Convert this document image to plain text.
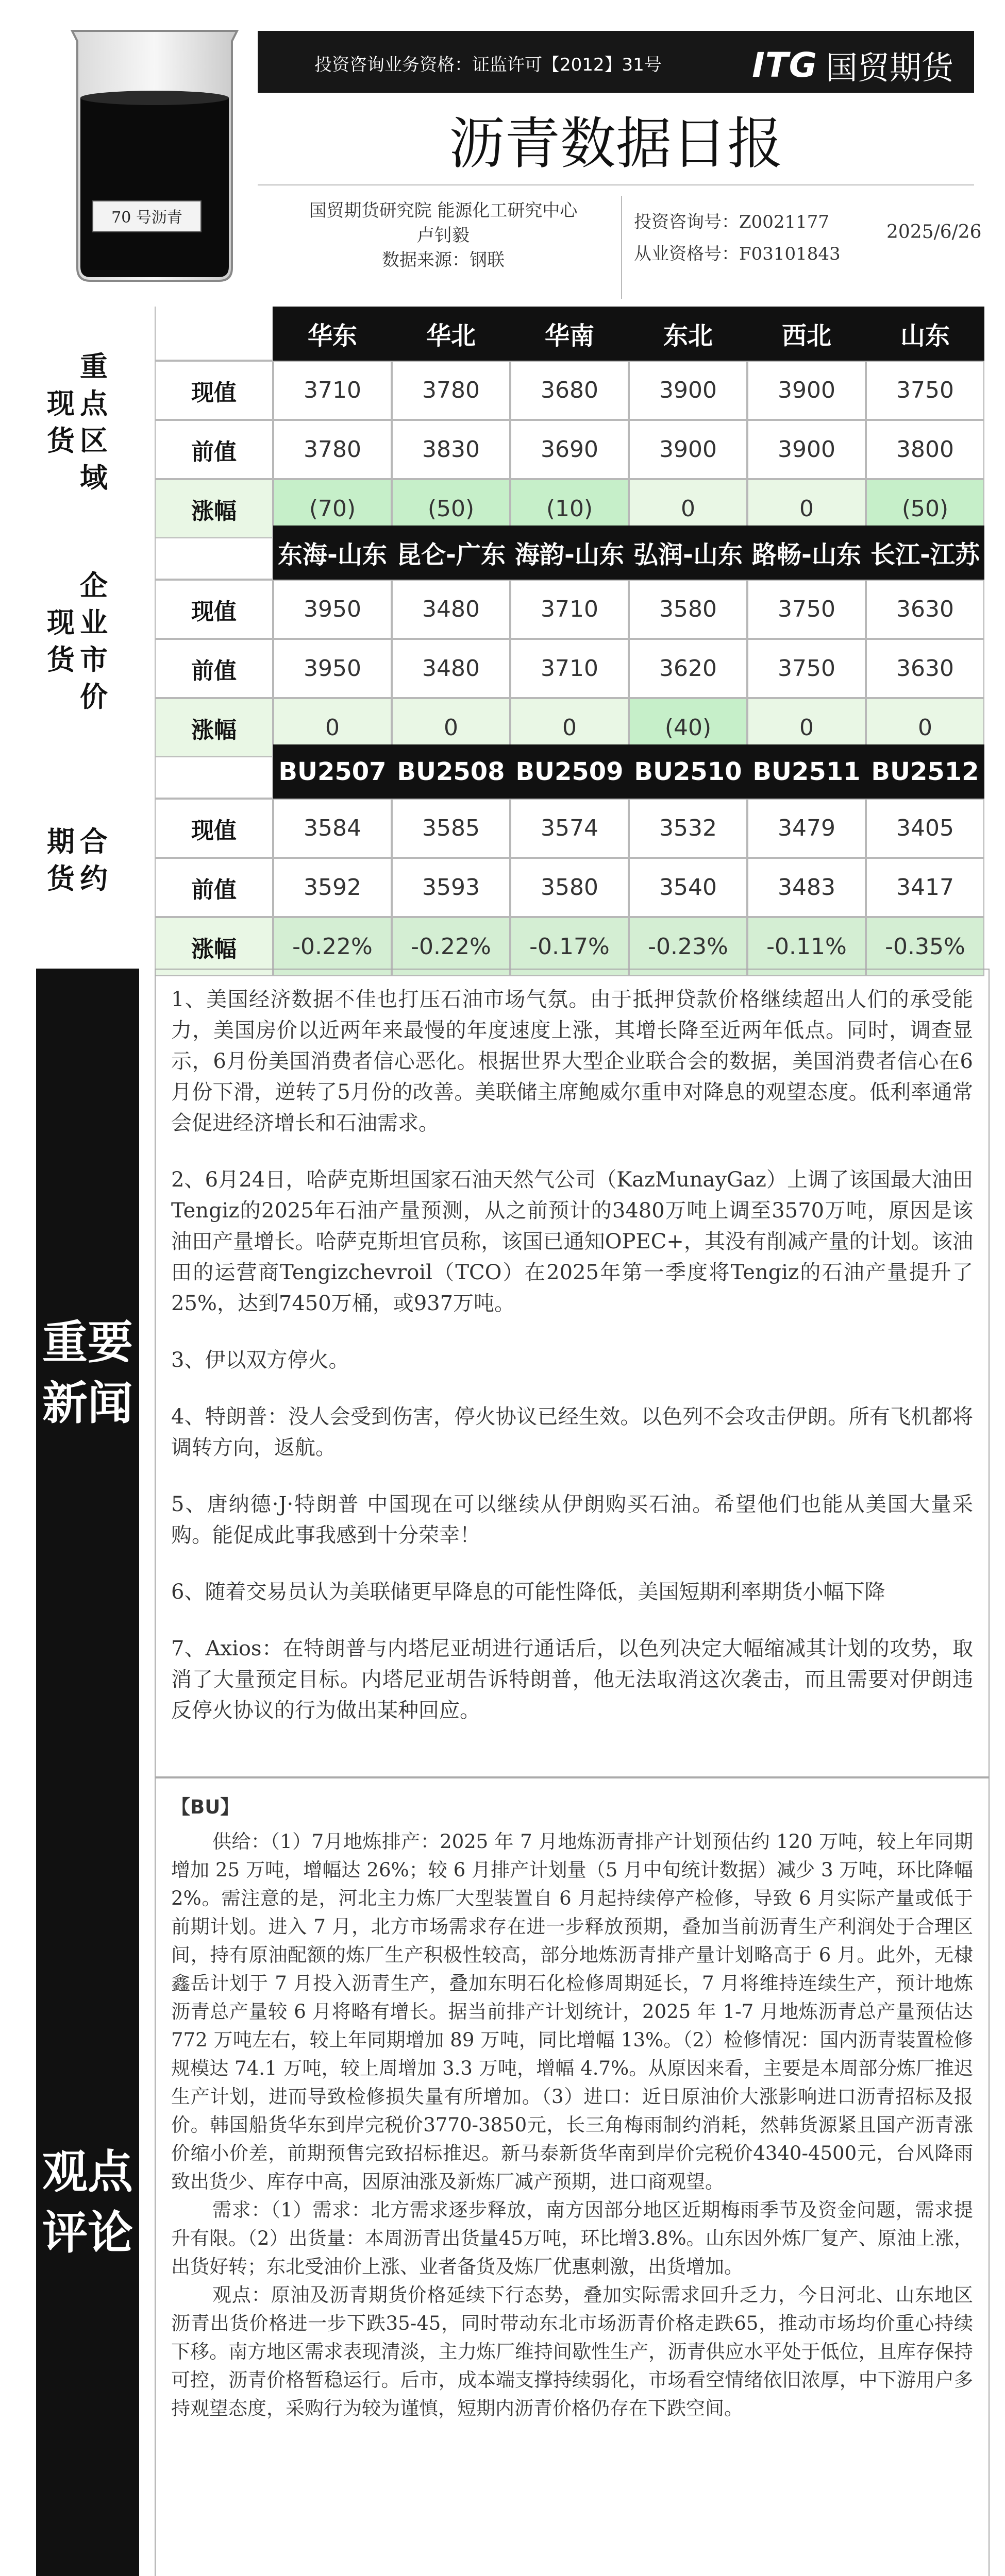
70 号沥青
投资咨询业务资格：证监许可【2012】31号	ITG 国贸期货
沥青数据日报
国贸期货研究院 能源化工研究中心
卢钊毅
数据来源：钢联
投资咨询号：Z0021177
从业资格号：F03101843
2025/6/26
现
货
重
点
区
域
华东	华北	华南	东北	西北	山东
现值	3710	3780	3680	3900	3900	3750
前值	3780	3830	3690	3900	3900	3800
涨幅	(70)	(50)	(10)	0	0	(50)
现
货
企
业
市
价
东海-山东 昆仑-广东 海韵-山东 弘润-山东 路畅-山东 长江-江苏
现值	3950	3480	3710	3580	3750	3630
前值	3950	3480	3710	3620	3750	3630
涨幅	0	0	0	(40)	0	0
期
货
合
约
BU2507 BU2508 BU2509 BU2510 BU2511 BU2512
现值	3584	3585	3574	3532	3479	3405
前值	3592	3593	3580	3540	3483	3417
涨幅	-0.22%	-0.22%	-0.17%	-0.23%	-0.11%	-0.35%
重要
新闻

1、美国经济数据不佳也打压石油市场气氛。由于抵押贷款价格继续超出人们的承受能力，美国房价以近两年来最慢的年度速度上涨，其增长降至近两年低点。同时，调查显示，6月份美国消费者信心恶化。根据世界大型企业联合会的数据，美国消费者信心在6月份下滑，逆转了5月份的改善。美联储主席鲍威尔重申对降息的观望态度。低利率通常会促进经济增长和石油需求。

2、6月24日，哈萨克斯坦国家石油天然气公司（KazMunayGaz）上调了该国最大油田Tengiz的2025年石油产量预测，从之前预计的3480万吨上调至3570万吨，原因是该油田产量增长。哈萨克斯坦官员称，该国已通知OPEC+，其没有削减产量的计划。该油田的运营商Tengizchevroil（TCO）在2025年第一季度将Tengiz的石油产量提升了25%，达到7450万桶，或937万吨。

3、伊以双方停火。

4、特朗普：没人会受到伤害，停火协议已经生效。以色列不会攻击伊朗。所有飞机都将调转方向，返航。

5、唐纳德·J·特朗普 中国现在可以继续从伊朗购买石油。希望他们也能从美国大量采购。能促成此事我感到十分荣幸！

6、随着交易员认为美联储更早降息的可能性降低，美国短期利率期货小幅下降

7、Axios：在特朗普与内塔尼亚胡进行通话后，以色列决定大幅缩减其计划的攻势，取消了大量预定目标。内塔尼亚胡告诉特朗普，他无法取消这次袭击，而且需要对伊朗违反停火协议的行为做出某种回应。

观点
评论
【BU】

供给：（1）7月地炼排产：2025 年 7 月地炼沥青排产计划预估约 120 万吨，较上年同期增加 25 万吨，增幅达 26%；较 6 月排产计划量（5 月中旬统计数据）减少 3 万吨，环比降幅 2%。需注意的是，河北主力炼厂大型装置自 6 月起持续停产检修，导致 6 月实际产量或低于前期计划。进入 7 月，北方市场需求存在进一步释放预期，叠加当前沥青生产利润处于合理区间，持有原油配额的炼厂生产积极性较高，部分地炼沥青排产量计划略高于 6 月。此外，无棣鑫岳计划于 7 月投入沥青生产，叠加东明石化检修周期延长，7 月将维持连续生产，预计地炼沥青总产量较 6 月将略有增长。据当前排产计划统计，2025 年 1-7 月地炼沥青总产量预估达 772 万吨左右，较上年同期增加 89 万吨，同比增幅 13%。（2）检修情况：国内沥青装置检修规模达 74.1 万吨，较上周增加 3.3 万吨，增幅 4.7%。从原因来看，主要是本周部分炼厂推迟生产计划，进而导致检修损失量有所增加。（3）进口：近日原油价大涨影响进口沥青招标及报价。韩国船货华东到岸完税价3770-3850元，长三角梅雨制约消耗，然韩货源紧且国产沥青涨价缩小价差，前期预售完致招标推迟。新马泰新货华南到岸价完税价4340-4500元，台风降雨致出货少、库存中高，因原油涨及新炼厂减产预期，进口商观望。

需求：（1）需求：北方需求逐步释放，南方因部分地区近期梅雨季节及资金问题，需求提升有限。（2）出货量：本周沥青出货量45万吨，环比增3.8%。山东因外炼厂复产、原油上涨，出货好转；东北受油价上涨、业者备货及炼厂优惠刺激，出货增加。

观点：原油及沥青期货价格延续下行态势，叠加实际需求回升乏力，今日河北、山东地区沥青出货价格进一步下跌35-45，同时带动东北市场沥青价格走跌65，推动市场均价重心持续下移。南方地区需求表现清淡，主力炼厂维持间歇性生产，沥青供应水平处于低位，且库存保持可控，沥青价格暂稳运行。后市，成本端支撑持续弱化，市场看空情绪依旧浓厚，中下游用户多持观望态度，采购行为较为谨慎，短期内沥青价格仍存在下跌空间。
